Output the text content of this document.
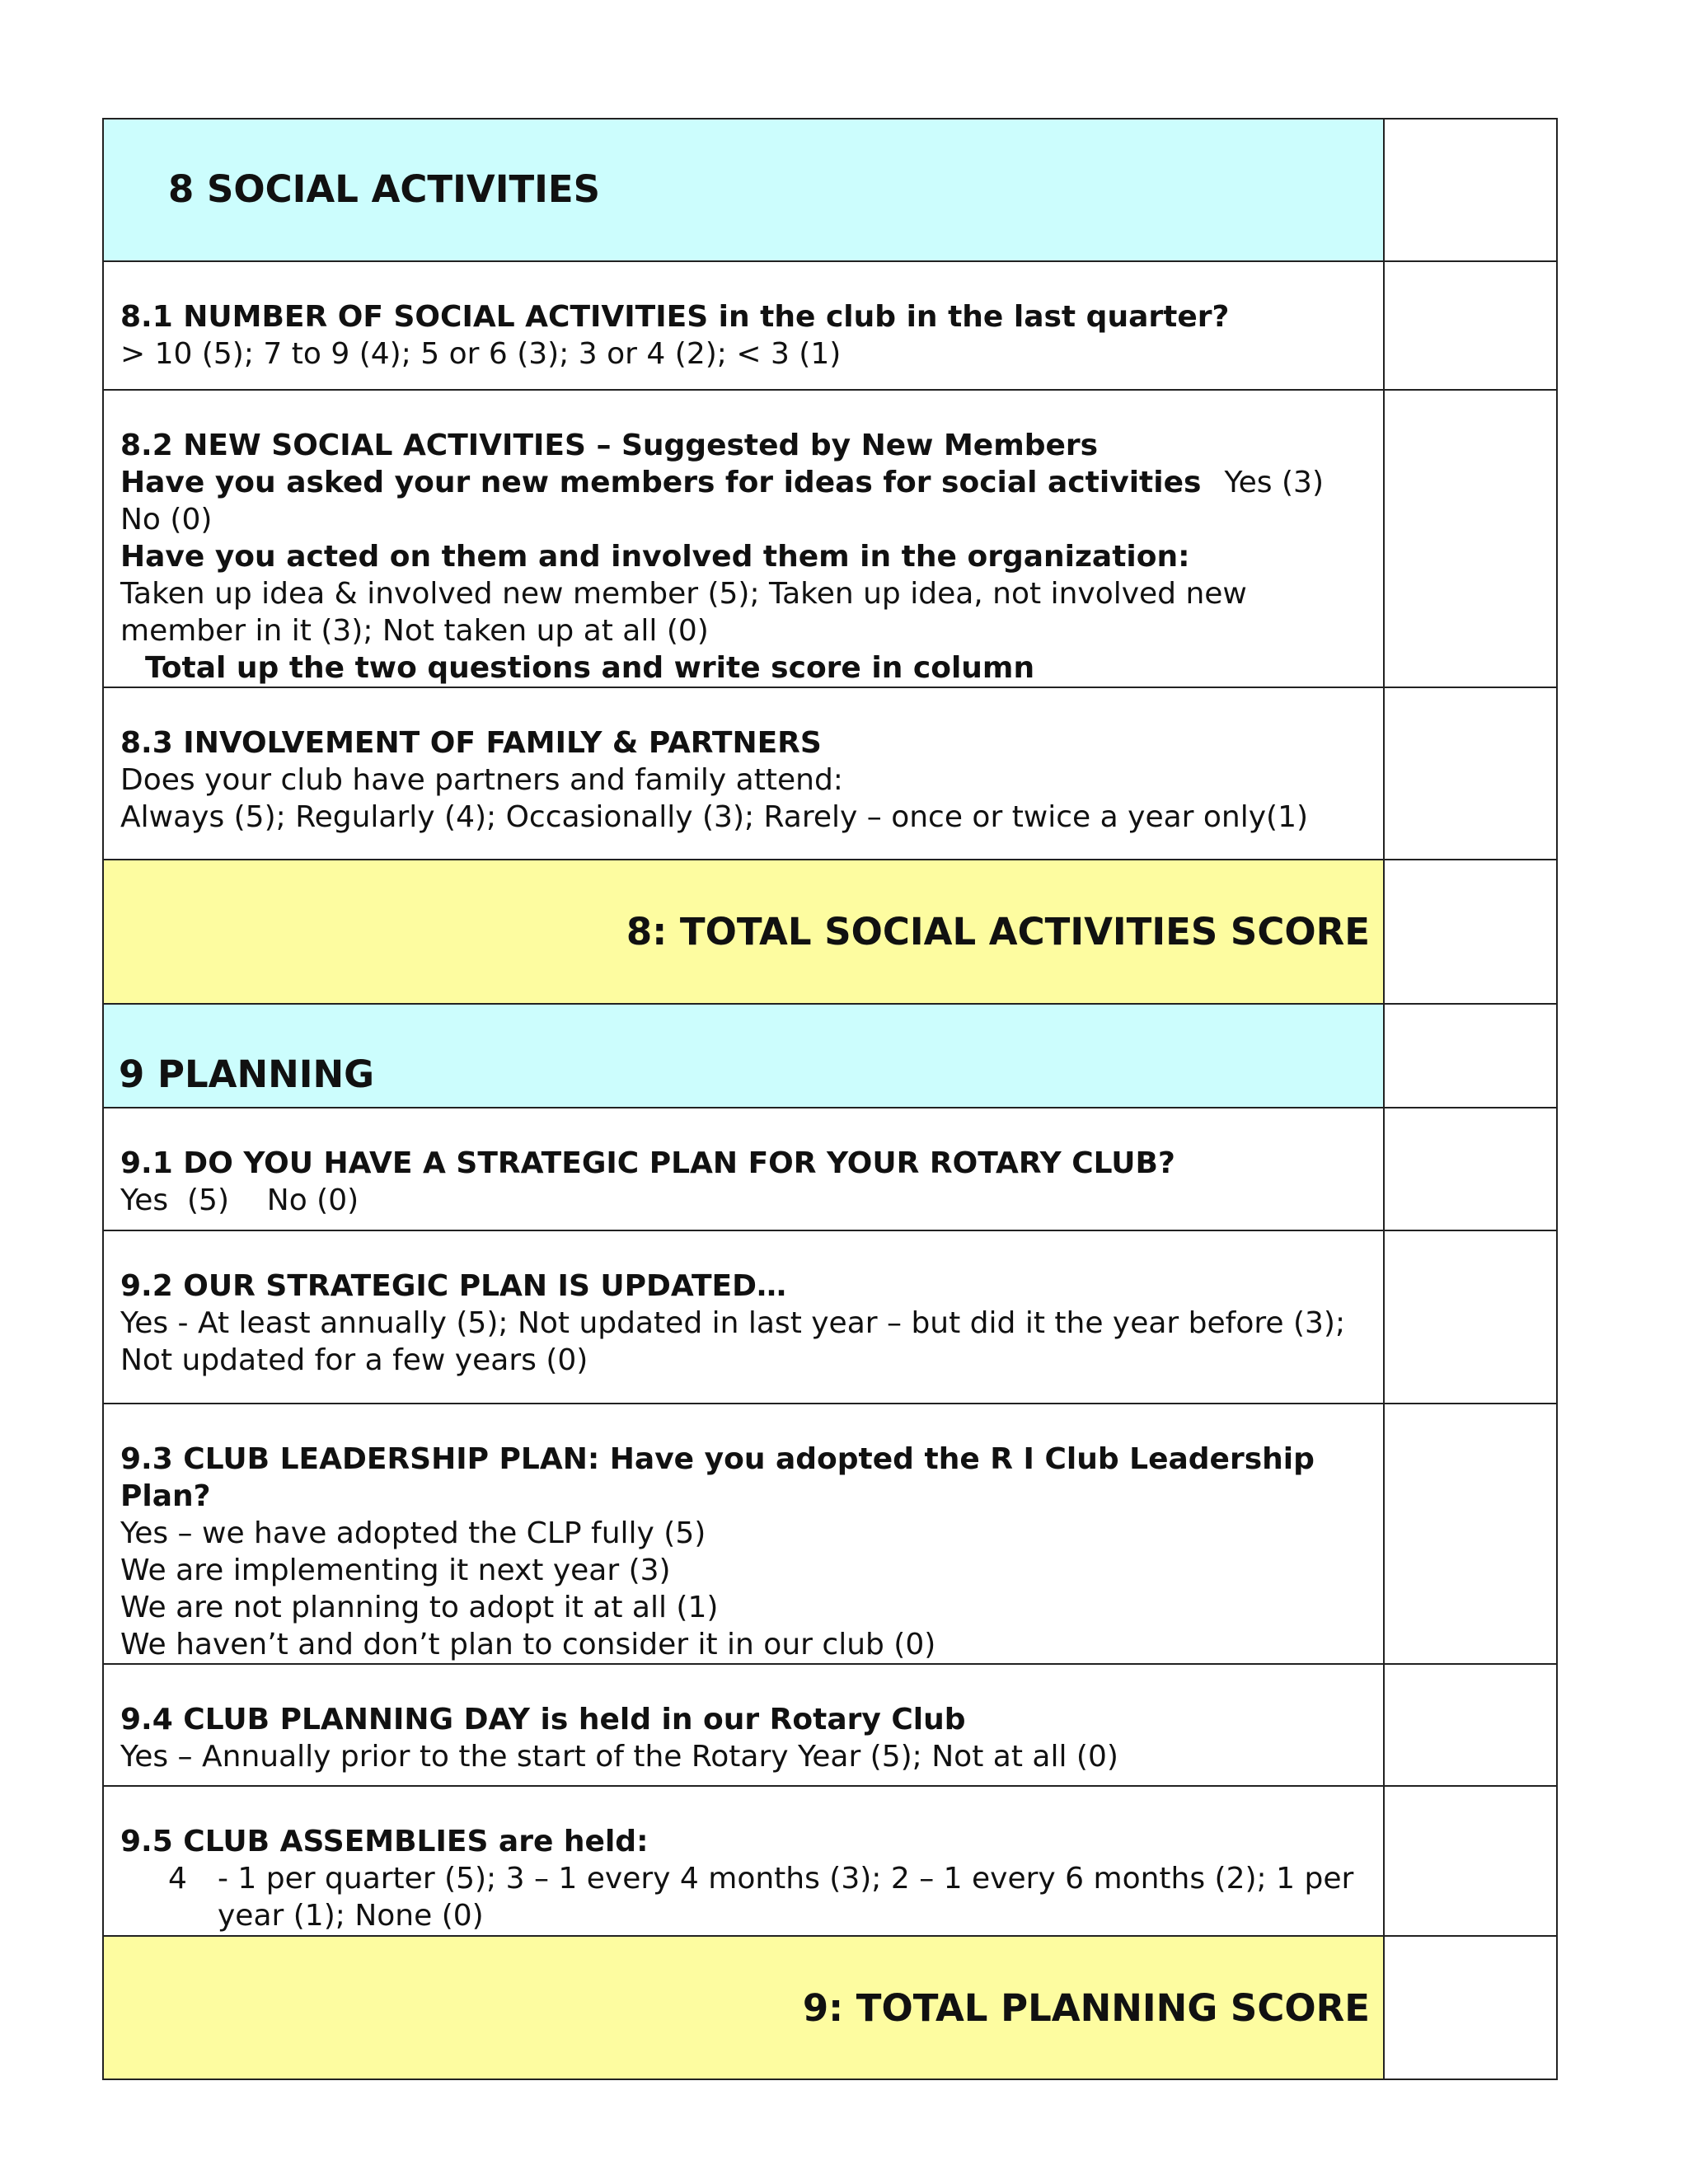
8 SOCIAL ACTIVITIES	

8.1 NUMBER OF SOCIAL ACTIVITIES in the club in the last quarter?
> 10 (5); 7 to 9 (4); 5 or 6 (3); 3 or 4 (2); < 3 (1)	

8.2 NEW SOCIAL ACTIVITIES – Suggested by New Members
Have you asked your new members for ideas for social activities Yes (3) No (0)
Have you acted on them and involved them in the organization:
Taken up idea & involved new member (5); Taken up idea, not involved new member in it (3); Not taken up at all (0)
Total up the two questions and write score in column	

8.3 INVOLVEMENT OF FAMILY & PARTNERS
Does your club have partners and family attend:
Always (5); Regularly (4); Occasionally (3); Rarely – once or twice a year only(1)	

8: TOTAL SOCIAL ACTIVITIES SCORE	

9 PLANNING	

9.1 DO YOU HAVE A STRATEGIC PLAN FOR YOUR ROTARY CLUB?
Yes  (5)    No (0)	

9.2 OUR STRATEGIC PLAN IS UPDATED…
Yes - At least annually (5); Not updated in last year – but did it the year before (3); Not updated for a few years (0)	

9.3 CLUB LEADERSHIP PLAN: Have you adopted the R I Club Leadership Plan?
Yes – we have adopted the CLP fully (5)
We are implementing it next year (3)
We are not planning to adopt it at all (1)
We haven’t and don’t plan to consider it in our club (0)	

9.4 CLUB PLANNING DAY is held in our Rotary Club
Yes – Annually prior to the start of the Rotary Year (5); Not at all (0)	

9.5 CLUB ASSEMBLIES are held:
4 - 1 per quarter (5); 3 – 1 every 4 months (3); 2 – 1 every 6 months (2); 1 per year (1); None (0)	

9: TOTAL PLANNING SCORE	
